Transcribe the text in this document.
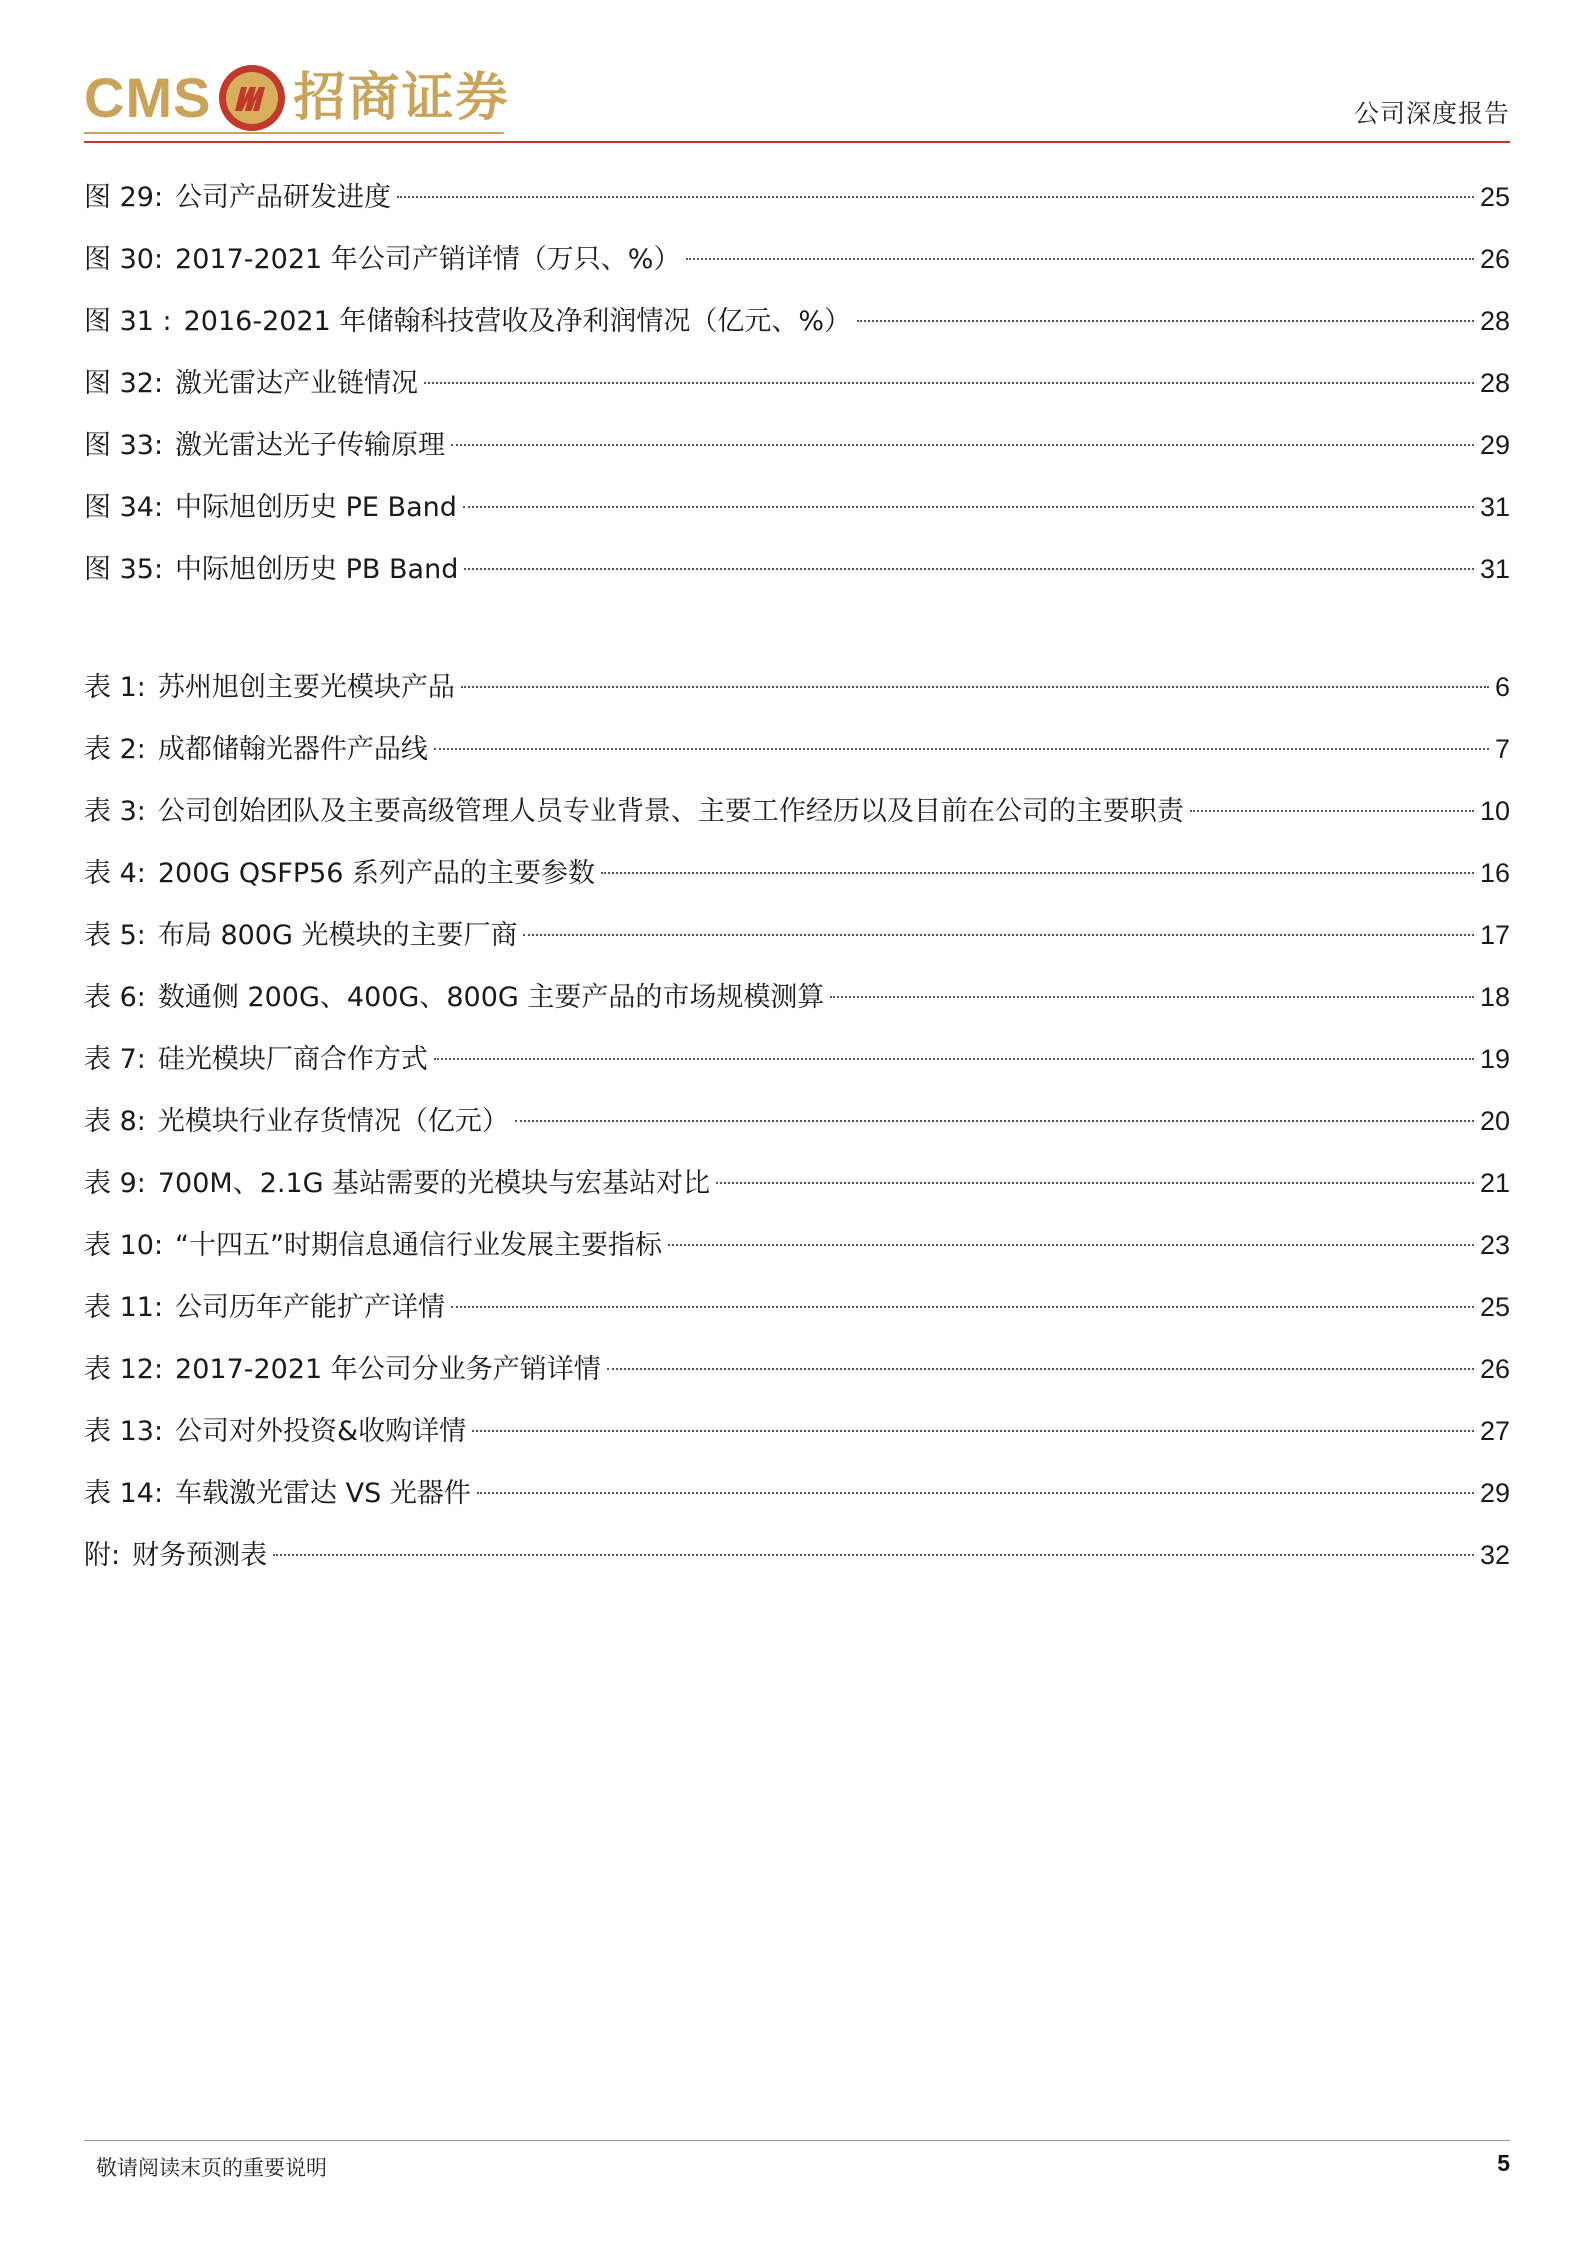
CMS 招商证券	公司深度报告
图 29: 公司产品研发进度	25
图 30: 2017-2021 年公司产销详情（万只、%）	26
图 31 : 2016-2021 年储翰科技营收及净利润情况（亿元、%）	28
图 32: 激光雷达产业链情况	28
图 33: 激光雷达光子传输原理	29
图 34: 中际旭创历史 PE Band	31
图 35: 中际旭创历史 PB Band	31
表 1: 苏州旭创主要光模块产品	6
表 2: 成都储翰光器件产品线	7
表 3: 公司创始团队及主要高级管理人员专业背景、主要工作经历以及目前在公司的主要职责	10
表 4: 200G QSFP56 系列产品的主要参数	16
表 5: 布局 800G 光模块的主要厂商	17
表 6: 数通侧 200G、400G、800G 主要产品的市场规模测算	18
表 7: 硅光模块厂商合作方式	19
表 8: 光模块行业存货情况（亿元）	20
表 9: 700M、2.1G 基站需要的光模块与宏基站对比	21
表 10: “十四五”时期信息通信行业发展主要指标	23
表 11: 公司历年产能扩产详情	25
表 12: 2017-2021 年公司分业务产销详情	26
表 13: 公司对外投资&收购详情	27
表 14: 车载激光雷达 VS 光器件	29
附: 财务预测表	32
敬请阅读末页的重要说明	5
